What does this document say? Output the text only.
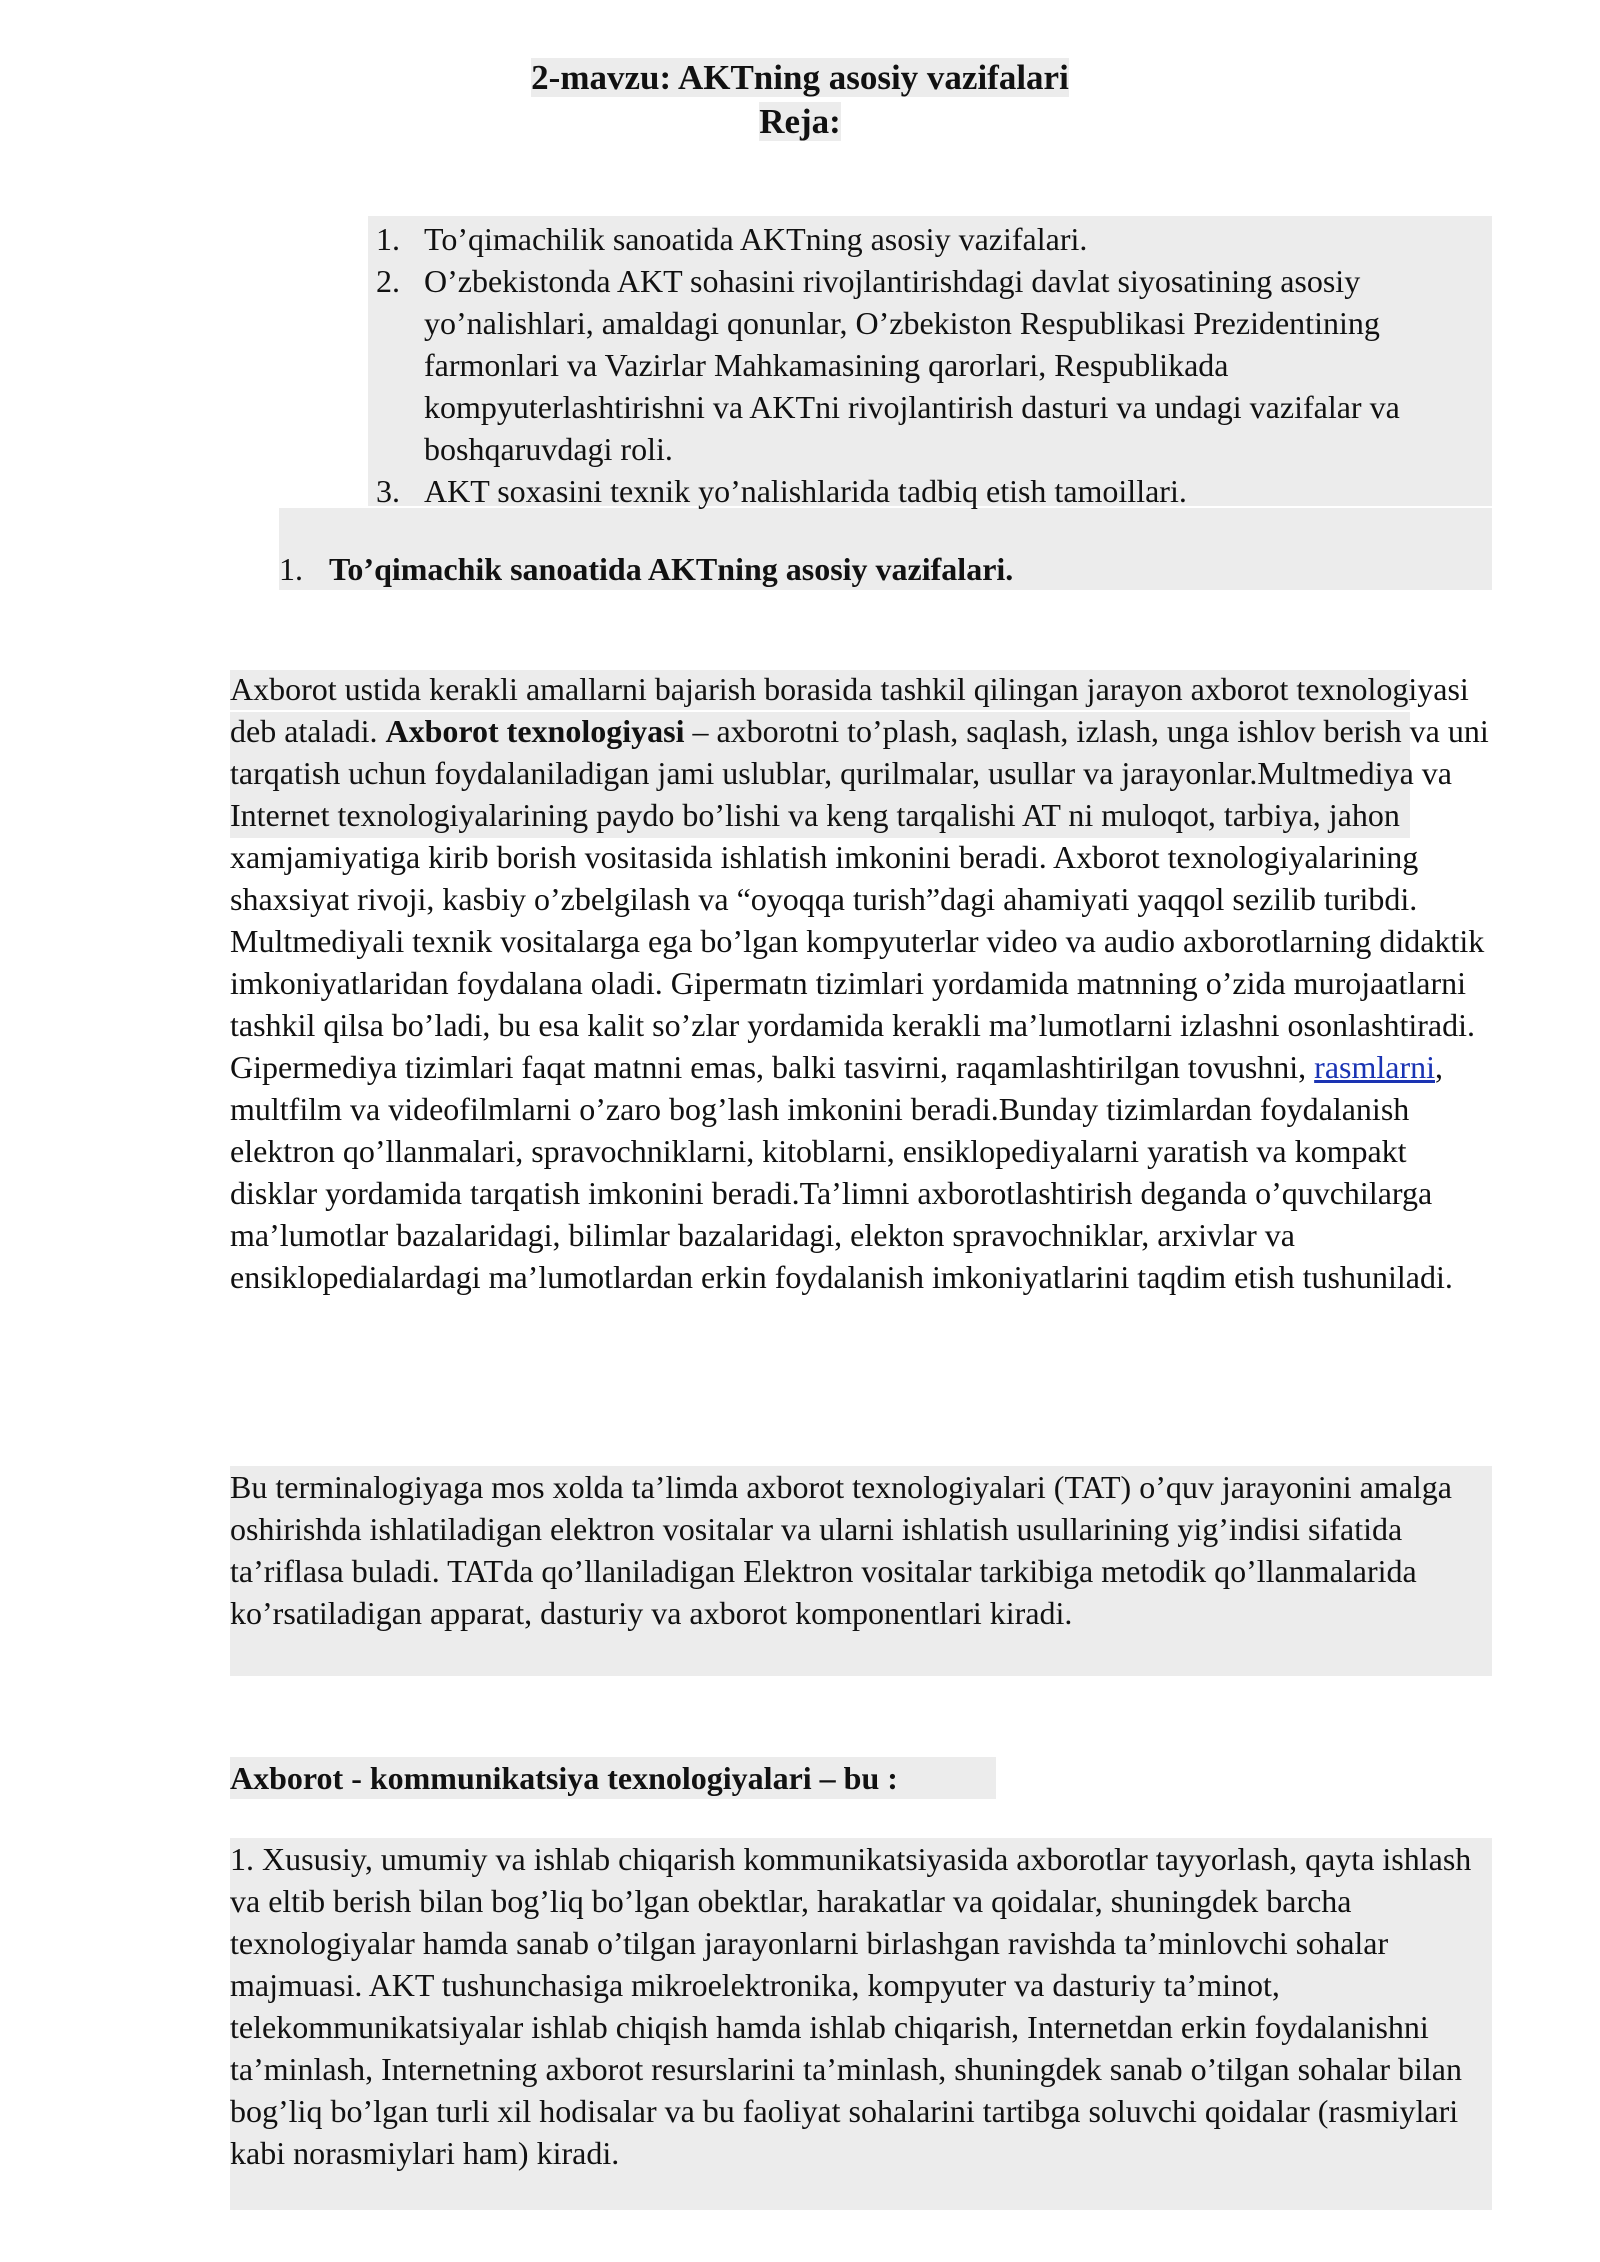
2-mavzu: AKTning asosiy vazifalari
Reja:
1. To’qimachilik sanoatida AKTning asosiy vazifalari.
2. O’zbekistonda AKT sohasini rivojlantirishdagi davlat siyosatining asosiy yo’nalishlari, amaldagi qonunlar, O’zbekiston Respublikasi Prezidentining farmonlari va Vazirlar Mahkamasining qarorlari, Respublikada kompyuterlashtirishni va AKTni rivojlantirish dasturi va undagi vazifalar va boshqaruvdagi roli.
3. AKT soxasini texnik yo’nalishlarida tadbiq etish tamoillari.
1. To’qimachik sanoatida AKTning asosiy vazifalari.

Axborot ustida kerakli amallarni bajarish borasida tashkil qilingan jarayon axborot texnologiyasi deb ataladi. Axborot texnologiyasi – axborotni to’plash, saqlash, izlash, unga ishlov berish va uni tarqatish uchun foydalaniladigan jami uslublar, qurilmalar, usullar va jarayonlar.Multmediya va Internet texnologiyalarining paydo bo’lishi va keng tarqalishi AT ni muloqot, tarbiya, jahon xamjamiyatiga kirib borish vositasida ishlatish imkonini beradi. Axborot texnologiyalarining shaxsiyat rivoji, kasbiy o’zbelgilash va “oyoqqa turish”dagi ahamiyati yaqqol sezilib turibdi. Multmediyali texnik vositalarga ega bo’lgan kompyuterlar video va audio axborotlarning didaktik imkoniyatlaridan foydalana oladi. Gipermatn tizimlari yordamida matnning o’zida murojaatlarni tashkil qilsa bo’ladi, bu esa kalit so’zlar yordamida kerakli ma’lumotlarni izlashni osonlashtiradi. Gipermediya tizimlari faqat matnni emas, balki tasvirni, raqamlashtirilgan tovushni, rasmlarni, multfilm va videofilmlarni o’zaro bog’lash imkonini beradi.Bunday tizimlardan foydalanish elektron qo’llanmalari, spravochniklarni, kitoblarni, ensiklopediyalarni yaratish va kompakt disklar yordamida tarqatish imkonini beradi.Ta’limni axborotlashtirish deganda o’quvchilarga ma’lumotlar bazalaridagi, bilimlar bazalaridagi, elekton spravochniklar, arxivlar va ensiklopedialardagi ma’lumotlardan erkin foydalanish imkoniyatlarini taqdim etish tushuniladi.

Bu terminalogiyaga mos xolda ta’limda axborot texnologiyalari (TAT) o’quv jarayonini amalga oshirishda ishlatiladigan elektron vositalar va ularni ishlatish usullarining yig’indisi sifatida ta’riflasa buladi. TATda qo’llaniladigan Elektron vositalar tarkibiga metodik qo’llanmalarida ko’rsatiladigan apparat, dasturiy va axborot komponentlari kiradi.

Axborot - kommunikatsiya texnologiyalari – bu :

1. Xususiy, umumiy va ishlab chiqarish kommunikatsiyasida axborotlar tayyorlash, qayta ishlash va eltib berish bilan bog’liq bo’lgan obektlar, harakatlar va qoidalar, shuningdek barcha texnologiyalar hamda sanab o’tilgan jarayonlarni birlashgan ravishda ta’minlovchi sohalar majmuasi. AKT tushunchasiga mikroelektronika, kompyuter va dasturiy ta’minot, telekommunikatsiyalar ishlab chiqish hamda ishlab chiqarish, Internetdan erkin foydalanishni ta’minlash, Internetning axborot resurslarini ta’minlash, shuningdek sanab o’tilgan sohalar bilan bog’liq bo’lgan turli xil hodisalar va bu faoliyat sohalarini tartibga soluvchi qoidalar (rasmiylari kabi norasmiylari ham) kiradi.
